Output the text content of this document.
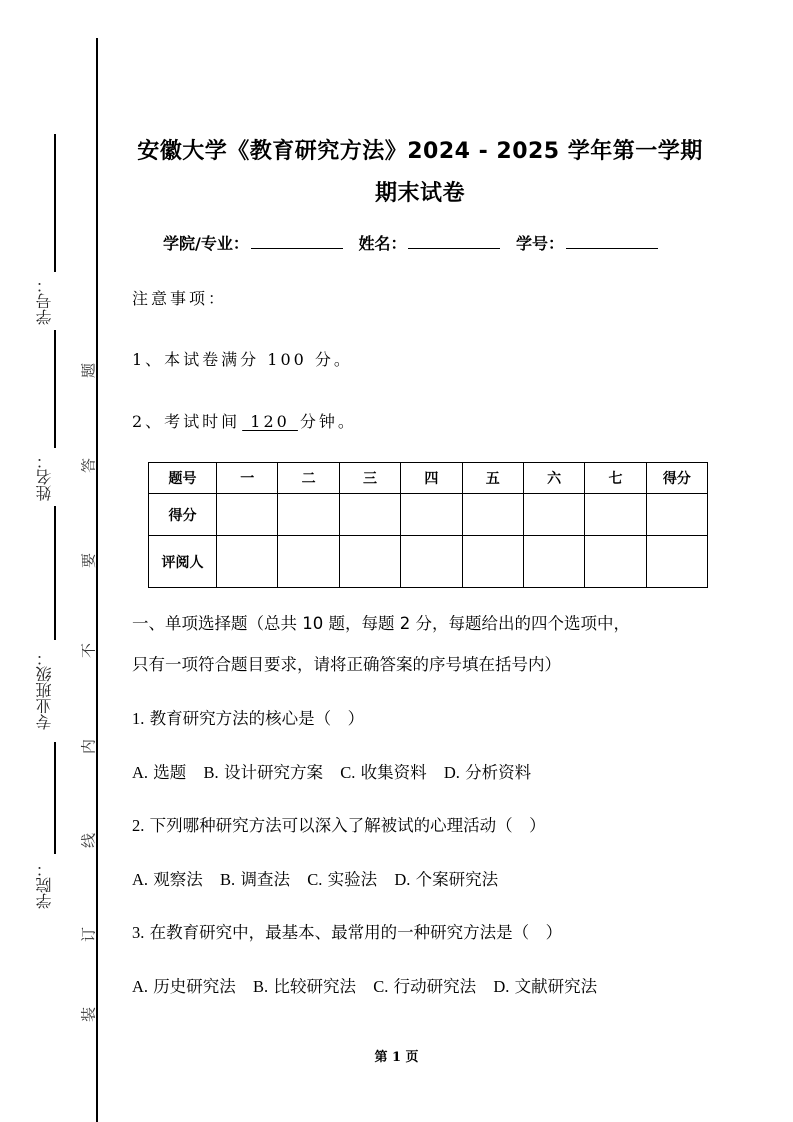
学号：
姓名：
专业班级：
学院：
题
答
要
不
内
线
订
装
安徽大学《教育研究方法》2024 - 2025 学年第一学期
期末试卷
学院/专业：	姓名：	学号：
注意事项：
1、本试卷满分 100 分。
2、考试时间 120 分钟。
题号	一	二	三	四	五	六	七	得分
得分								
评阅人								
一、单项选择题（总共 10 题，每题 2 分，每题给出的四个选项中，
只有一项符合题目要求，请将正确答案的序号填在括号内）
1. 教育研究方法的核心是（　）
A. 选题 B. 设计研究方案 C. 收集资料 D. 分析资料
2. 下列哪种研究方法可以深入了解被试的心理活动（　）
A. 观察法 B. 调查法 C. 实验法 D. 个案研究法
3. 在教育研究中，最基本、最常用的一种研究方法是（　）
A. 历史研究法 B. 比较研究法 C. 行动研究法 D. 文献研究法
第 1 页
